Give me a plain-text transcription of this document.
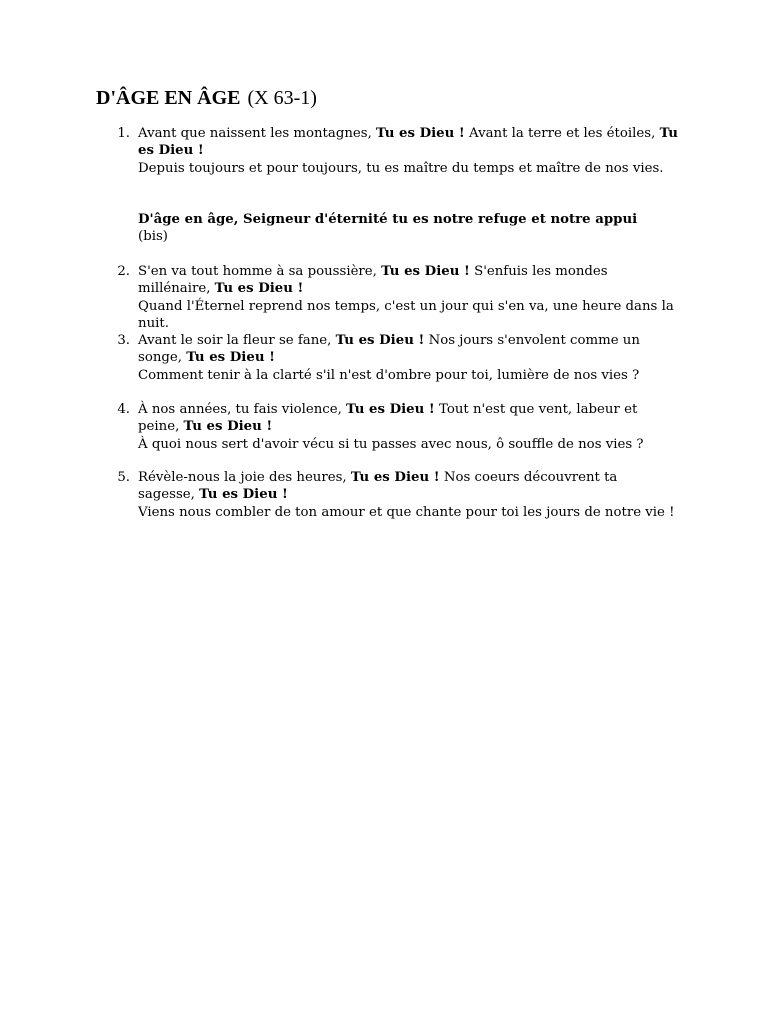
D'ÂGE EN ÂGE (X 63-1)
1. Avant que naissent les montagnes, Tu es Dieu ! Avant la terre et les étoiles, Tu es Dieu !

Depuis toujours et pour toujours, tu es maître du temps et maître de nos vies.

D'âge en âge, Seigneur d'éternité tu es notre refuge et notre appui

(bis)

2. S'en va tout homme à sa poussière, Tu es Dieu ! S'enfuis les mondes millénaire, Tu es Dieu !

Quand l'Éternel reprend nos temps, c'est un jour qui s'en va, une heure dans la nuit.

3. Avant le soir la fleur se fane, Tu es Dieu ! Nos jours s'envolent comme un songe, Tu es Dieu !

Comment tenir à la clarté s'il n'est d'ombre pour toi, lumière de nos vies ?

4. À nos années, tu fais violence, Tu es Dieu ! Tout n'est que vent, labeur et peine, Tu es Dieu !

À quoi nous sert d'avoir vécu si tu passes avec nous, ô souffle de nos vies ?

5. Révèle-nous la joie des heures, Tu es Dieu ! Nos coeurs découvrent ta sagesse, Tu es Dieu !

Viens nous combler de ton amour et que chante pour toi les jours de notre vie !
